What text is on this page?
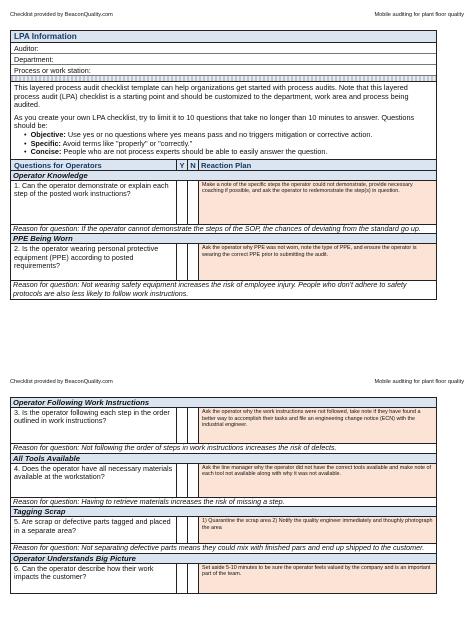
Checklist provided by BeaconQuality.com	Mobile auditing for plant floor quality
LPA Information
Auditor:
Department:
Process or work station:

This layered process audit checklist template can help organizations get started with process audits. Note that this layered process audit (LPA) checklist is a starting point and should be customized to the department, work area and process being audited.

As you create your own LPA checklist, try to limit it to 10 questions that take no longer than 10 minutes to answer. Questions should be:

• Objective: Use yes or no questions where yes means pass and no triggers mitigation or corrective action.
• Specific: Avoid terms like "properly" or "correctly."
• Concise: People who are not process experts should be able to easily answer the question.
Questions for Operators	Y N Reaction Plan
Operator Knowledge
1. Can the operator demonstrate or explain each step of the posted work instructions?
Make a note of the specific steps the operator could not demonstrate, provide necessary coaching if possible, and ask the operator to redemonstrate the step(s) in question.
Reason for question: If the operator cannot demonstrate the steps of the SOP, the chances of deviating from the standard go up.
PPE Being Worn
2. Is the operator wearing personal protective equipment (PPE) according to posted requirements?
Ask the operator why PPE was not worn, note the type of PPE, and ensure the operator is wearing the correct PPE prior to submitting the audit.
Reason for question: Not wearing safety equipment increases the risk of employee injury. People who don't adhere to safety protocols are also less likely to follow work instructions.
Checklist provided by BeaconQuality.com	Mobile auditing for plant floor quality
Operator Following Work Instructions
3. Is the operator following each step in the order outlined in work instructions?
Ask the operator why the work instructions were not followed, take note if they have found a better way to accomplish their tasks and file an engineering change notice (ECN) with the industrial engineer.
Reason for question: Not following the order of steps in work instructions increases the risk of defects.
All Tools Available
4. Does the operator have all necessary materials available at the workstation?
Ask the line manager why the operator did not have the correct tools available and make note of each tool not available along with why it was not available.
Reason for question: Having to retrieve materials increases the risk of missing a step.
Tagging Scrap
5. Are scrap or defective parts tagged and placed in a separate area?
1) Quarantine the scrap area 2) Notify the quality engineer immediately and thoughly photograph the area
Reason for question: Not separating defective parts means they could mix with finished pars and end up shipped to the customer.
Operator Understands Big Picture
6. Can the operator describe how their work impacts the customer?
Set aside 5-10 minutes to be sure the operator feels valued by the company and is an important part of the team.
